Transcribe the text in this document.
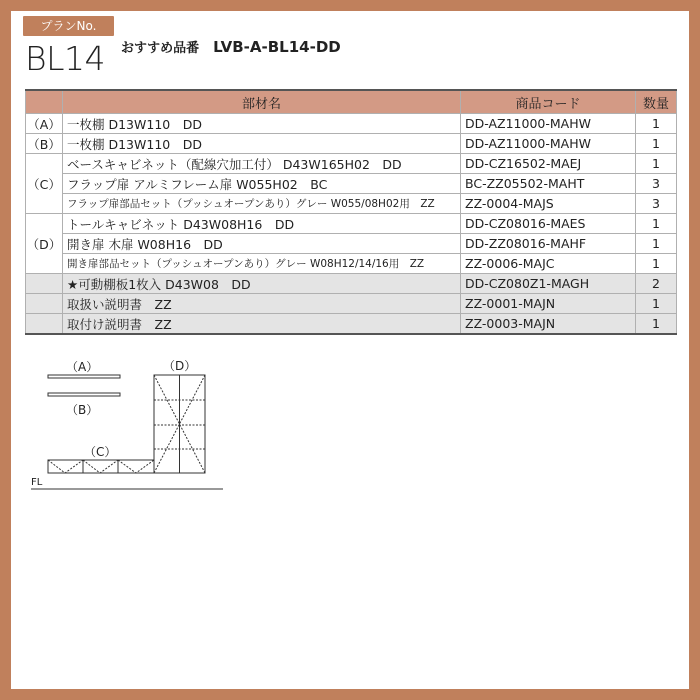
プランNo.
BL14 おすすめ品番 LVB-A-BL14-DD
	部材名	商品コード	数量
（A）	一枚棚 D13W110　DD	DD-AZ11000-MAHW	1
（B）	一枚棚 D13W110　DD	DD-AZ11000-MAHW	1
（C）	ベースキャビネット（配線穴加工付） D43W165H02　DD	DD-CZ16502-MAEJ	1
	フラップ扉 アルミフレーム扉 W055H02　BC	BC-ZZ05502-MAHT	3
	フラップ扉部品セット（プッシュオープンあり）グレー W055/08H02用　ZZ	ZZ-0004-MAJS	3
（D）	トールキャビネット D43W08H16　DD	DD-CZ08016-MAES	1
	開き扉 木扉 W08H16　DD	DD-ZZ08016-MAHF	1
	開き扉部品セット（プッシュオープンあり）グレー W08H12/14/16用　ZZ	ZZ-0006-MAJC	1
	★可動棚板1枚入 D43W08　DD	DD-CZ080Z1-MAGH	2
	取扱い説明書　ZZ	ZZ-0001-MAJN	1
	取付け説明書　ZZ	ZZ-0003-MAJN	1
（A）
（B）
（C）
（D）
FL
